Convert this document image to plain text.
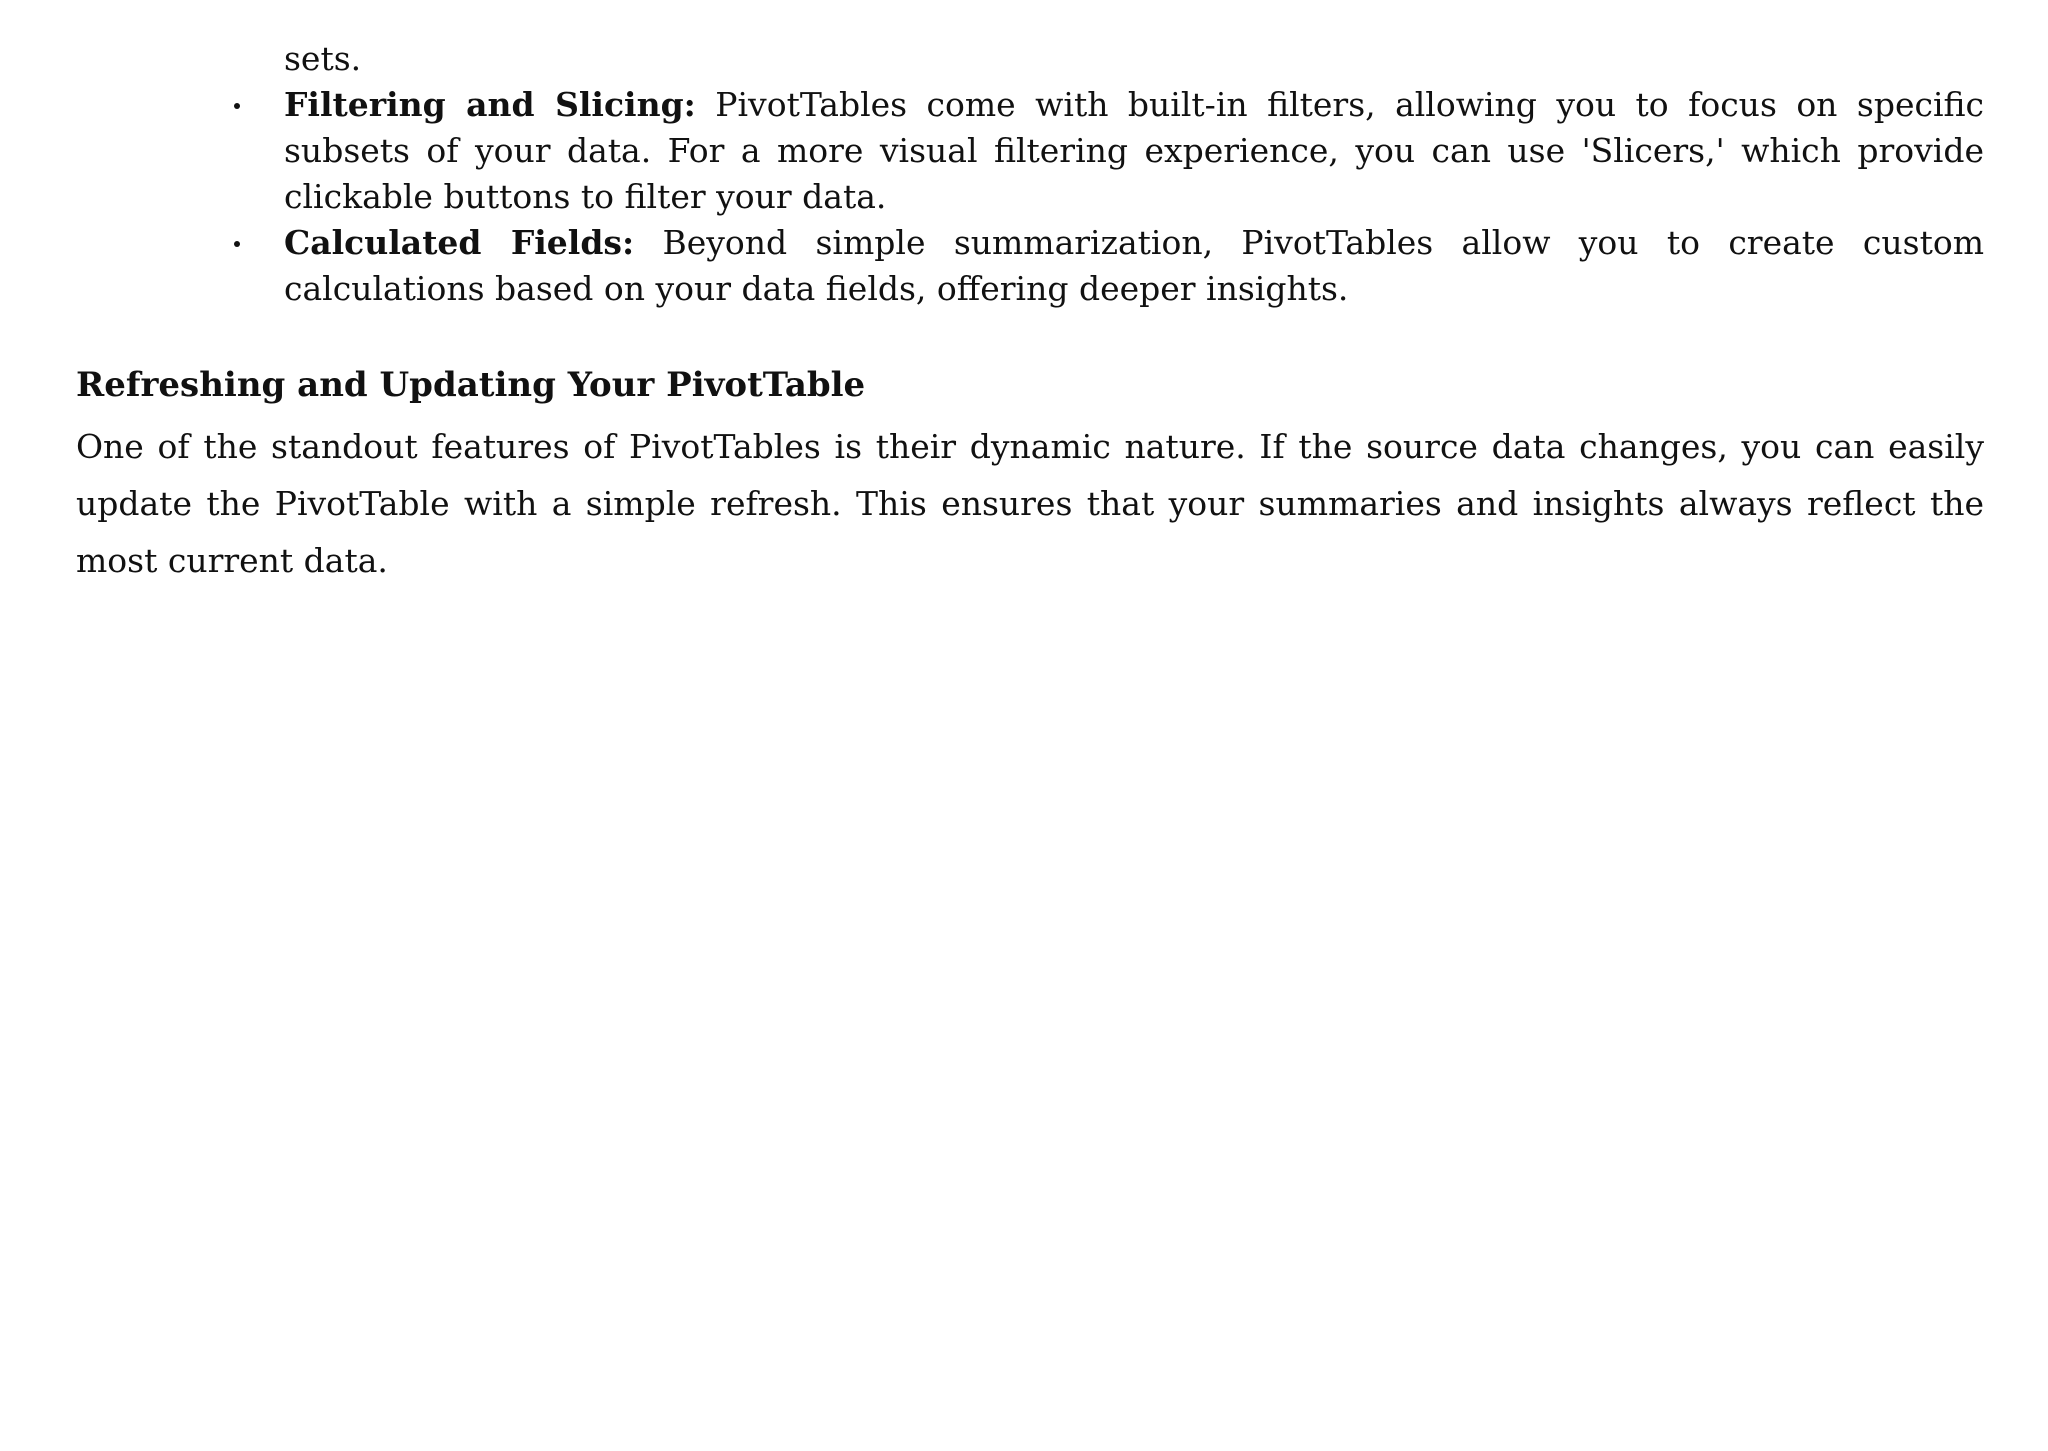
sets.

Filtering and Slicing: PivotTables come with built-in filters, allowing you to focus on specific subsets of your data. For a more visual filtering experience, you can use 'Slicers,' which provide clickable buttons to filter your data.
Calculated Fields: Beyond simple summarization, PivotTables allow you to create custom calculations based on your data fields, offering deeper insights.
Refreshing and Updating Your PivotTable

One of the standout features of PivotTables is their dynamic nature. If the source data changes, you can easily update the PivotTable with a simple refresh. This ensures that your summaries and insights always reflect the most current data.
